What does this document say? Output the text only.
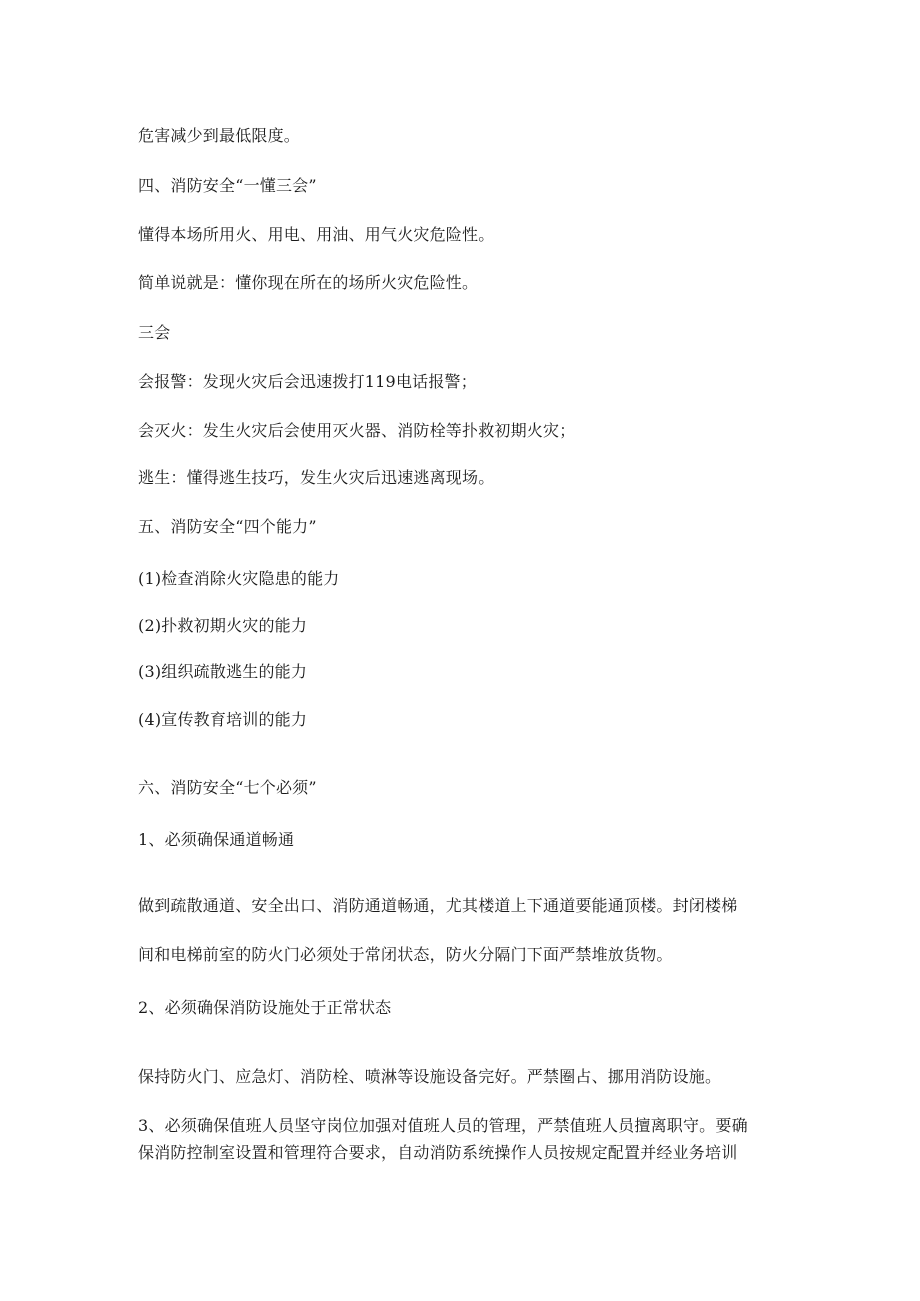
危害减少到最低限度。
四、消防安全“一懂三会”
懂得本场所用火、用电、用油、用气火灾危险性。
简单说就是：懂你现在所在的场所火灾危险性。
三会
会报警：发现火灾后会迅速拨打119电话报警；
会灭火：发生火灾后会使用灭火器、消防栓等扑救初期火灾；
逃生：懂得逃生技巧，发生火灾后迅速逃离现场。
五、消防安全“四个能力”
(1)检查消除火灾隐患的能力
(2)扑救初期火灾的能力
(3)组织疏散逃生的能力
(4)宣传教育培训的能力
六、消防安全“七个必须”
1、必须确保通道畅通
做到疏散通道、安全出口、消防通道畅通，尤其楼道上下通道要能通顶楼。封闭楼梯
间和电梯前室的防火门必须处于常闭状态，防火分隔门下面严禁堆放货物。
2、必须确保消防设施处于正常状态
保持防火门、应急灯、消防栓、喷淋等设施设备完好。严禁圈占、挪用消防设施。
3、必须确保值班人员坚守岗位加强对值班人员的管理，严禁值班人员擅离职守。要确
保消防控制室设置和管理符合要求，自动消防系统操作人员按规定配置并经业务培训
